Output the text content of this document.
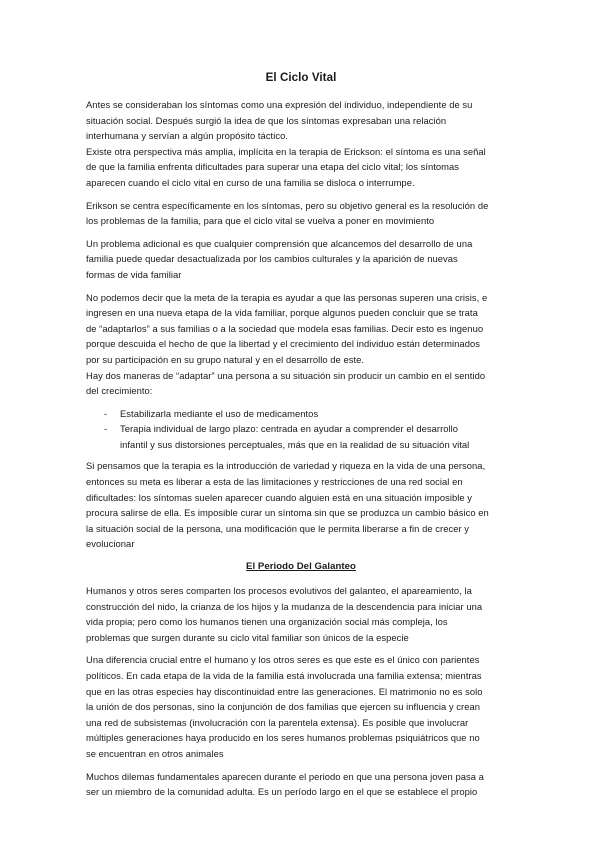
El Ciclo Vital

Antes se consideraban los síntomas como una expresión del individuo, independiente de su
situación social. Después surgió la idea de que los síntomas expresaban una relación
interhumana y servían a algún propósito táctico.
Existe otra perspectiva más amplia, implícita en la terapia de Erickson: el síntoma es una señal
de que la familia enfrenta dificultades para superar una etapa del ciclo vital; los síntomas
aparecen cuando el ciclo vital en curso de una familia se disloca o interrumpe.

Erikson se centra específicamente en los síntomas, pero su objetivo general es la resolución de
los problemas de la familia, para que el ciclo vital se vuelva a poner en movimiento

Un problema adicional es que cualquier comprensión que alcancemos del desarrollo de una
familia puede quedar desactualizada por los cambios culturales y la aparición de nuevas
formas de vida familiar

No podemos decir que la meta de la terapia es ayudar a que las personas superen una crisis, e
ingresen en una nueva etapa de la vida familiar, porque algunos pueden concluir que se trata
de “adaptarlos” a sus familias o a la sociedad que modela esas familias. Decir esto es ingenuo
porque descuida el hecho de que la libertad y el crecimiento del individuo están determinados
por su participación en su grupo natural y en el desarrollo de este.
Hay dos maneras de “adaptar” una persona a su situación sin producir un cambio en el sentido
del crecimiento:

- Estabilizarla mediante el uso de medicamentos
- Terapia individual de largo plazo: centrada en ayudar a comprender el desarrollo
infantil y sus distorsiones perceptuales, más que en la realidad de su situación vital

Si pensamos que la terapia es la introducción de variedad y riqueza en la vida de una persona,
entonces su meta es liberar a esta de las limitaciones y restricciones de una red social en
dificultades: los síntomas suelen aparecer cuando alguien está en una situación imposible y
procura salirse de ella. Es imposible curar un síntoma sin que se produzca un cambio básico en
la situación social de la persona, una modificación que le permita liberarse a fin de crecer y
evolucionar

El Periodo Del Galanteo

Humanos y otros seres comparten los procesos evolutivos del galanteo, el apareamiento, la
construcción del nido, la crianza de los hijos y la mudanza de la descendencia para iniciar una
vida propia; pero como los humanos tienen una organización social más compleja, los
problemas que surgen durante su ciclo vital familiar son únicos de la especie

Una diferencia crucial entre el humano y los otros seres es que este es el único con parientes
políticos. En cada etapa de la vida de la familia está involucrada una familia extensa; mientras
que en las otras especies hay discontinuidad entre las generaciones. El matrimonio no es solo
la unión de dos personas, sino la conjunción de dos familias que ejercen su influencia y crean
una red de subsistemas (involucración con la parentela extensa). Es posible que involucrar
múltiples generaciones haya producido en los seres humanos problemas psiquiátricos que no
se encuentran en otros animales

Muchos dilemas fundamentales aparecen durante el periodo en que una persona joven pasa a
ser un miembro de la comunidad adulta. Es un período largo en el que se establece el propio
